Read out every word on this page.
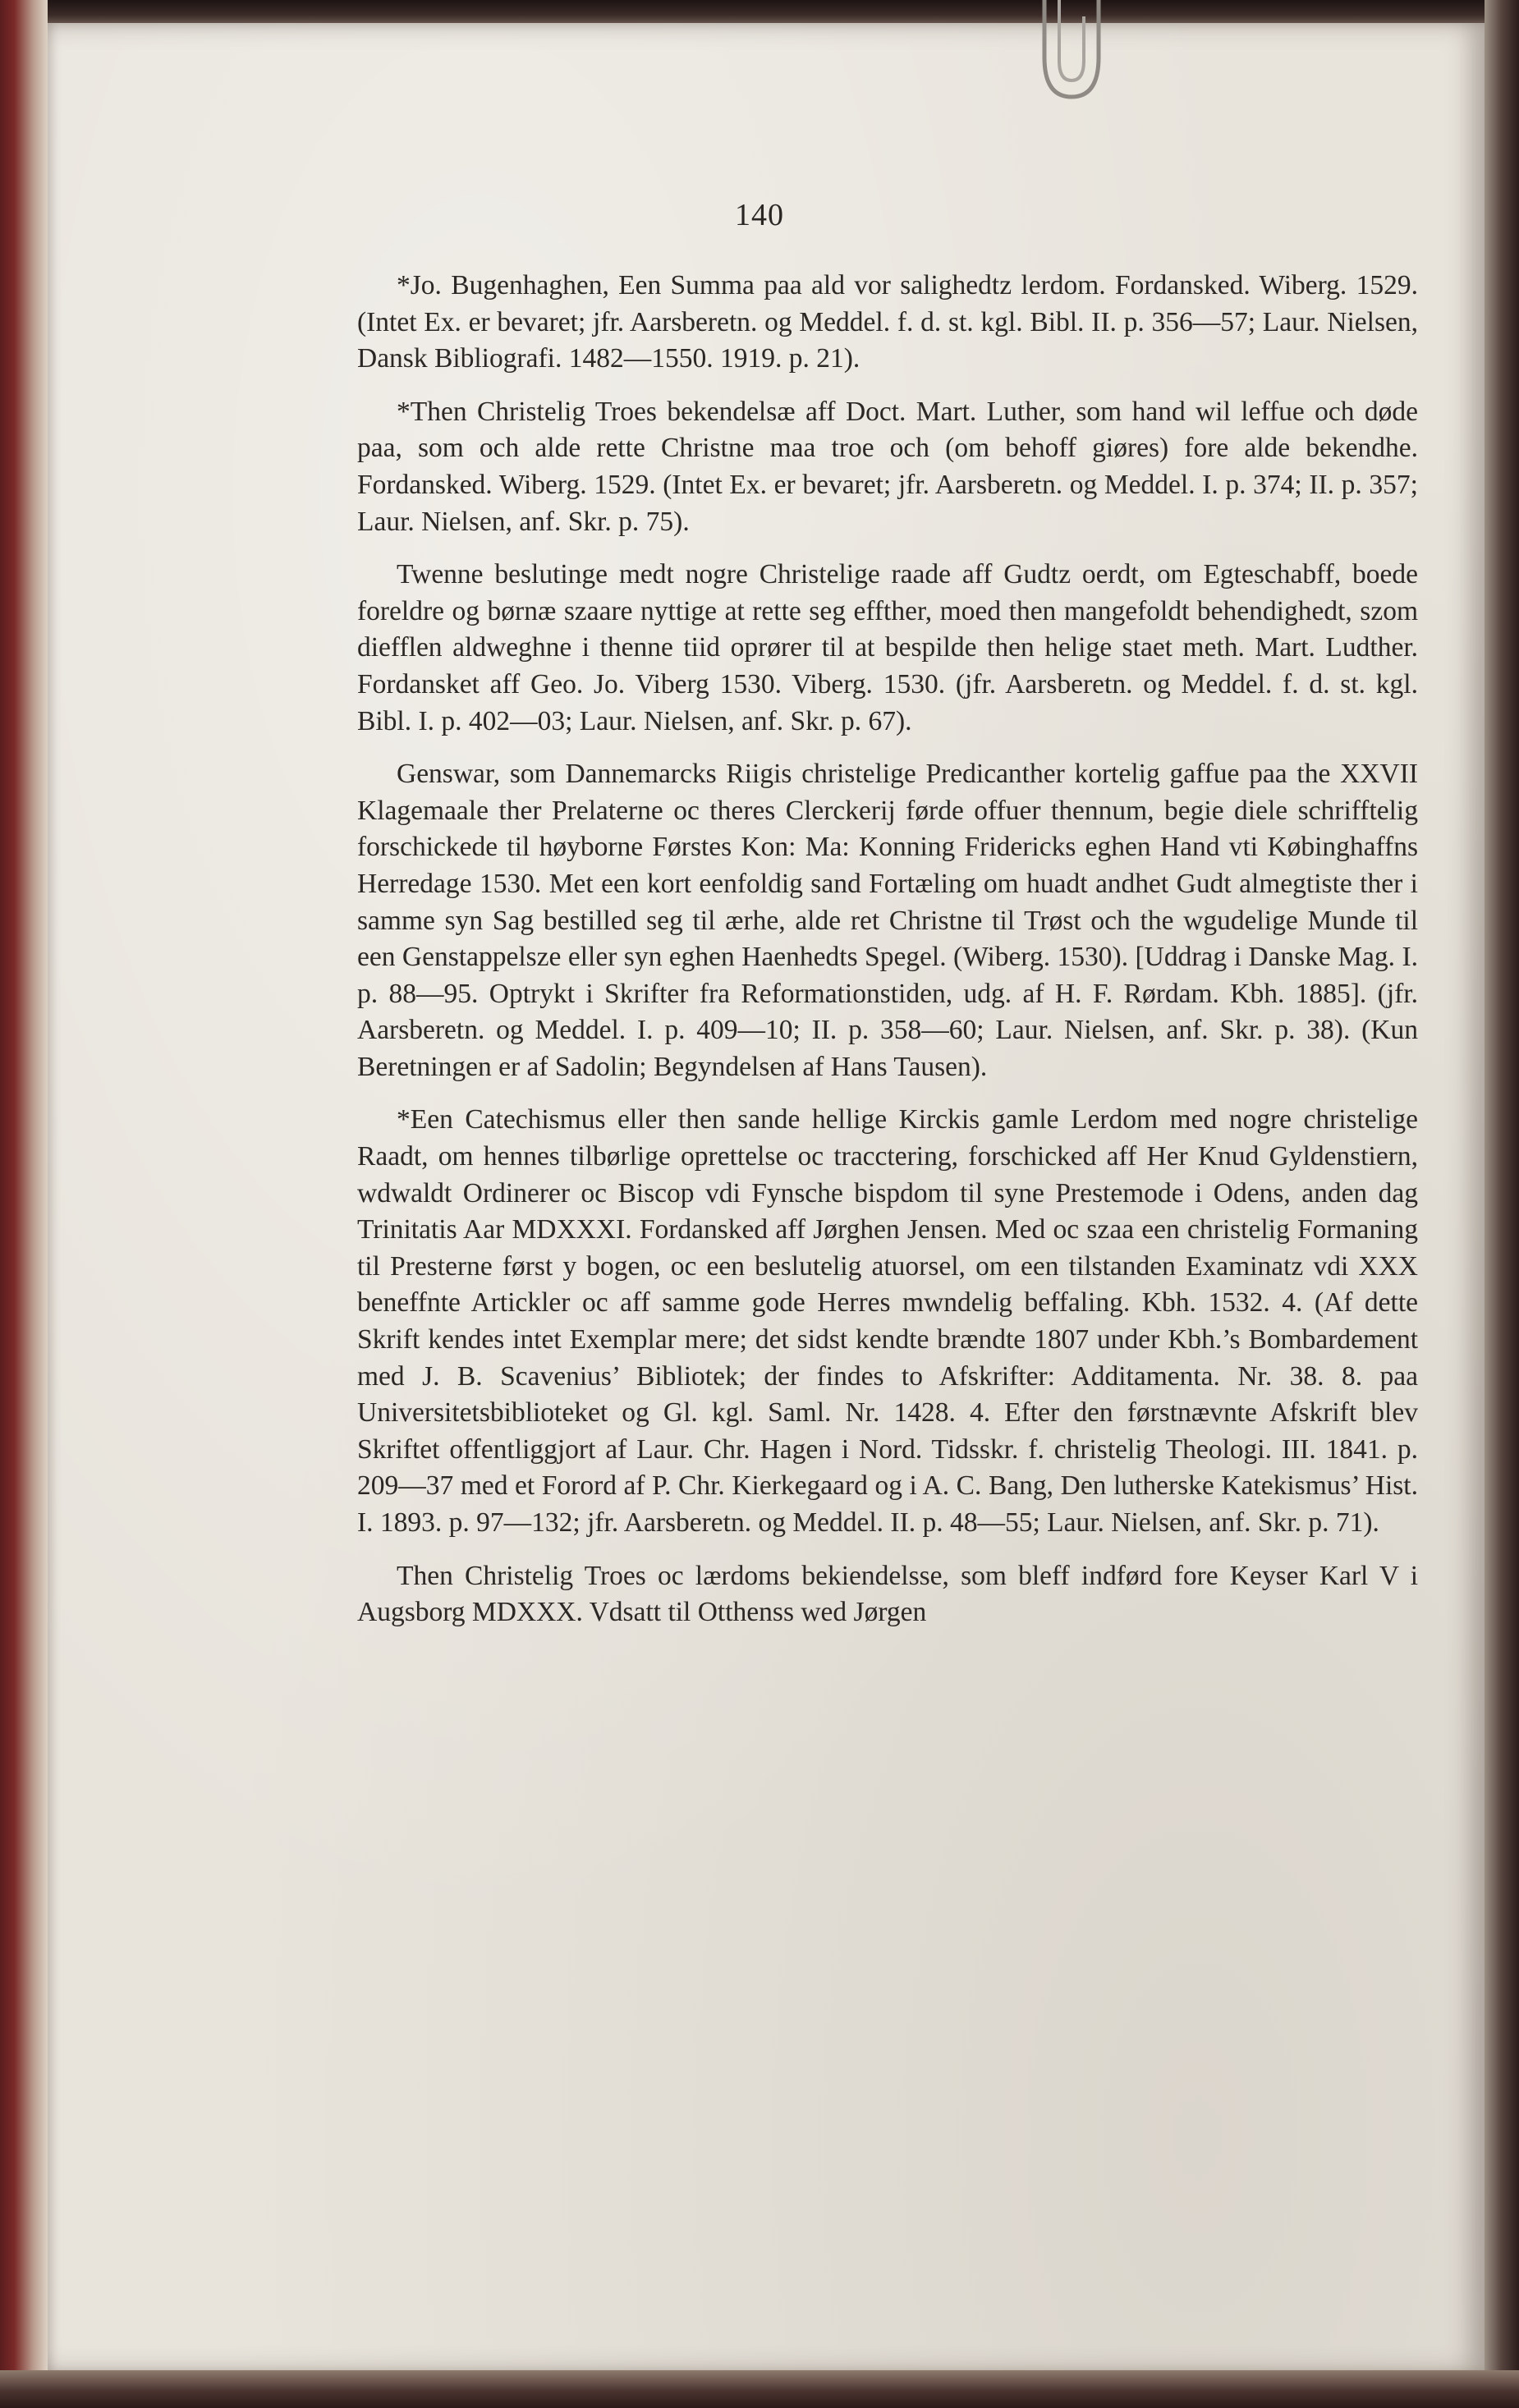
140

*Jo. Bugenhaghen, Een Summa paa ald vor salighedtz lerdom. Fordansked. Wiberg. 1529. (Intet Ex. er bevaret; jfr. Aarsberetn. og Meddel. f. d. st. kgl. Bibl. II. p. 356—57; Laur. Nielsen, Dansk Bibliografi. 1482—1550. 1919. p. 21).

*Then Christelig Troes bekendelsæ aff Doct. Mart. Luther, som hand wil leffue och døde paa, som och alde rette Christne maa troe och (om behoff giøres) fore alde bekendhe. Fordansked. Wiberg. 1529. (Intet Ex. er bevaret; jfr. Aarsberetn. og Meddel. I. p. 374; II. p. 357; Laur. Nielsen, anf. Skr. p. 75).

Twenne beslutinge medt nogre Christelige raade aff Gudtz oerdt, om Egteschabff, boede foreldre og børnæ szaare nyttige at rette seg effther, moed then mangefoldt behendighedt, szom diefflen aldweghne i thenne tiid oprører til at bespilde then helige staet meth. Mart. Ludther. Fordansket aff Geo. Jo. Viberg 1530. Viberg. 1530. (jfr. Aarsberetn. og Meddel. f. d. st. kgl. Bibl. I. p. 402—03; Laur. Nielsen, anf. Skr. p. 67).

Genswar, som Dannemarcks Riigis christelige Predicanther kortelig gaffue paa the XXVII Klagemaale ther Prelaterne oc theres Clerckerij førde offuer thennum, begie diele schrifftelig forschickede til høyborne Førstes Kon: Ma: Konning Fridericks eghen Hand vti Købinghaffns Herredage 1530. Met een kort eenfoldig sand Fortæling om huadt andhet Gudt almegtiste ther i samme syn Sag bestilled seg til ærhe, alde ret Christne til Trøst och the wgudelige Munde til een Genstappelsze eller syn eghen Haenhedts Spegel. (Wiberg. 1530). [Uddrag i Danske Mag. I. p. 88—95. Optrykt i Skrifter fra Reformationstiden, udg. af H. F. Rørdam. Kbh. 1885]. (jfr. Aarsberetn. og Meddel. I. p. 409—10; II. p. 358—60; Laur. Nielsen, anf. Skr. p. 38). (Kun Beretningen er af Sadolin; Begyndelsen af Hans Tausen).

*Een Catechismus eller then sande hellige Kirckis gamle Lerdom med nogre christelige Raadt, om hennes tilbørlige oprettelse oc tracctering, forschicked aff Her Knud Gyldenstiern, wdwaldt Ordinerer oc Biscop vdi Fynsche bispdom til syne Prestemode i Odens, anden dag Trinitatis Aar MDXXXI. Fordansked aff Jørghen Jensen. Med oc szaa een christelig Formaning til Presterne først y bogen, oc een beslutelig atuorsel, om een tilstanden Examinatz vdi XXX beneffnte Artickler oc aff samme gode Herres mwndelig beffaling. Kbh. 1532. 4. (Af dette Skrift kendes intet Exemplar mere; det sidst kendte brændte 1807 under Kbh.’s Bombardement med J. B. Scavenius’ Bibliotek; der findes to Afskrifter: Additamenta. Nr. 38. 8. paa Universitetsbiblioteket og Gl. kgl. Saml. Nr. 1428. 4. Efter den førstnævnte Afskrift blev Skriftet offentliggjort af Laur. Chr. Hagen i Nord. Tidsskr. f. christelig Theologi. III. 1841. p. 209—37 med et Forord af P. Chr. Kierkegaard og i A. C. Bang, Den lutherske Katekismus’ Hist. I. 1893. p. 97—132; jfr. Aarsberetn. og Meddel. II. p. 48—55; Laur. Nielsen, anf. Skr. p. 71).

Then Christelig Troes oc lærdoms bekiendelsse, som bleff indførd fore Keyser Karl V i Augsborg MDXXX. Vdsatt til Otthenss wed Jørgen
